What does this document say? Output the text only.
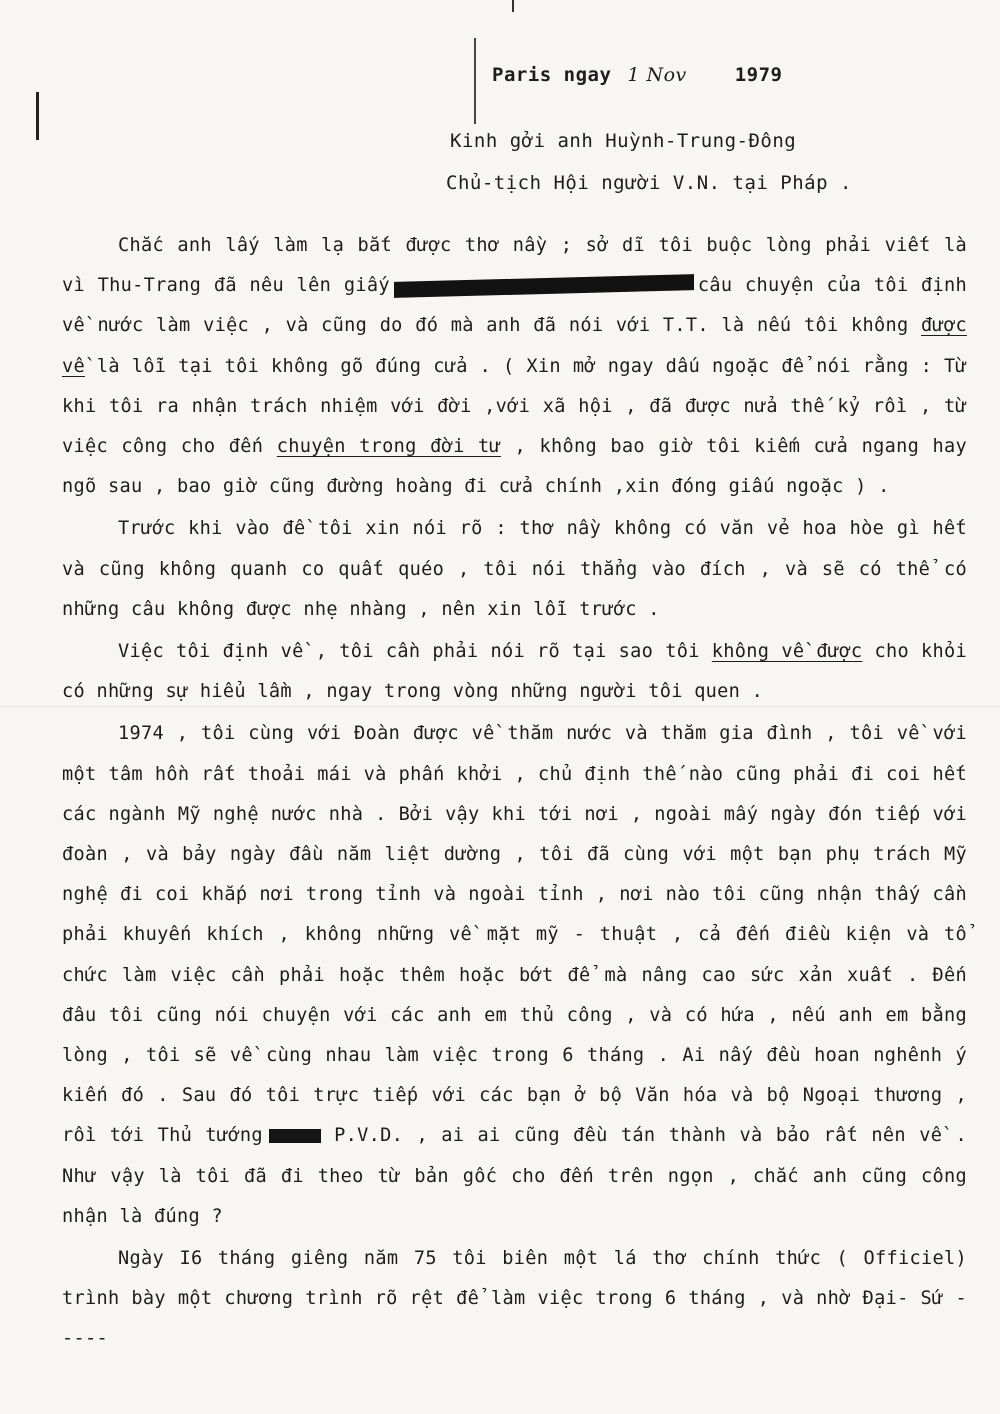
Paris ngay 1 Nov	1979
Kinh gởi anh Huỳnh-Trung-Đông
Chủ-tịch Hội người V.N. tại Pháp .

Chắc anh lấy làm lạ bắt được thơ nầy ; sở dĩ tôi buộc lòng phải viết là vì Thu-Trang đã nêu lên giấy	câu chuyện của tôi định về nước làm việc , và cũng do đó mà anh đã nói với T.T. là nếu tôi không được về là lỗi tại tôi không gõ đúng cửa . ( Xin mở ngay dấu ngoặc để nói rằng : Từ khi tôi ra nhận trách nhiệm với đời ,với xã hội , đã được nửa thế kỷ rồi , từ việc công cho đến chuyện trong đời tư , không bao giờ tôi kiếm cửa ngang hay ngõ sau , bao giờ cũng đường hoàng đi cửa chính ,xin đóng giấu ngoặc ) .

Trước khi vào đề tôi xin nói rõ : thơ nầy không có văn vẻ hoa hòe gì hết và cũng không quanh co quất quéo , tôi nói thẳng vào đích , và sẽ có thể có những câu không được nhẹ nhàng , nên xin lỗi trước .

Việc tôi định về , tôi cần phải nói rõ tại sao tôi không về được cho khỏi có những sự hiểu lầm , ngay trong vòng những người tôi quen .

1974 , tôi cùng với Đoàn được về thăm nước và thăm gia đình , tôi về với một tâm hồn rất thoải mái và phấn khởi , chủ định thế nào cũng phải đi coi hết các ngành Mỹ nghệ nước nhà . Bởi vậy khi tới nơi , ngoài mấy ngày đón tiếp với đoàn , và bảy ngày đầu năm liệt dường , tôi đã cùng với một bạn phụ trách Mỹ nghệ đi coi khắp nơi trong tỉnh và ngoài tỉnh , nơi nào tôi cũng nhận thấy cần phải khuyến khích , không những về mặt mỹ - thuật , cả đến điều kiện và tổ chức làm việc cần phải hoặc thêm hoặc bớt để mà nâng cao sức xản xuất . Đến đâu tôi cũng nói chuyện với các anh em thủ công , và có hứa , nếu anh em bằng lòng , tôi sẽ về cùng nhau làm việc trong 6 tháng . Ai nấy đều hoan nghênh ý kiến đó . Sau đó tôi trực tiếp với các bạn ở bộ Văn hóa và bộ Ngoại thương , rồi tới Thủ tướng	P.V.D. , ai ai cũng đều tán thành và bảo rất nên về . Như vậy là tôi đã đi theo từ bản gốc cho đến trên ngọn , chắc anh cũng công nhận là đúng ?

Ngày I6 tháng giêng năm 75 tôi biên một lá thơ chính thức ( Officiel) trình bày một chương trình rõ rệt để làm việc trong 6 tháng , và nhờ Đại- Sứ -----
